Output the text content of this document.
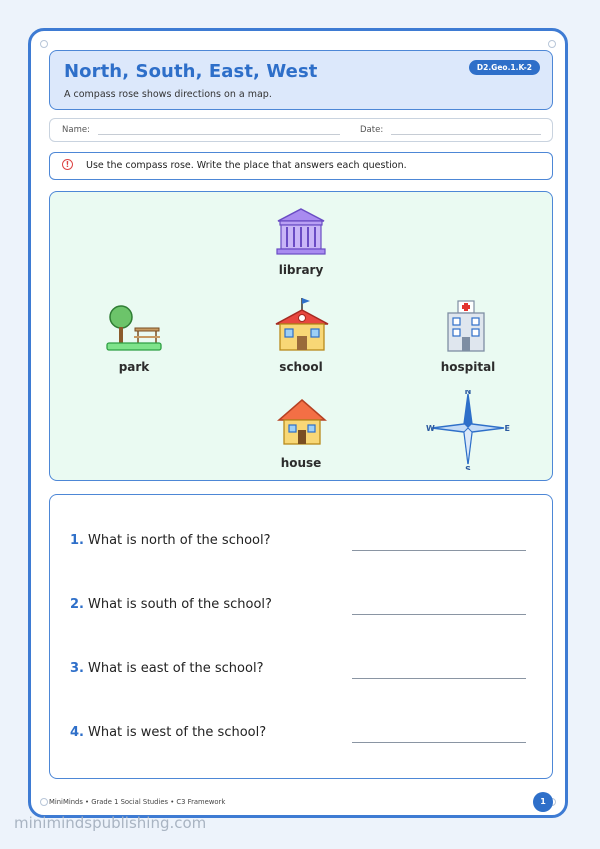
North, South, East, West
A compass rose shows directions on a map.
D2.Geo.1.K-2
Name:	Date:
!	Use the compass rose. Write the place that answers each question.
library
park	school	hospital
house
N
S
E
W
1. What is north of the school?
2. What is south of the school?
3. What is east of the school?
4. What is west of the school?
MiniMinds • Grade 1 Social Studies • C3 Framework	1
minimindspublishing.com
